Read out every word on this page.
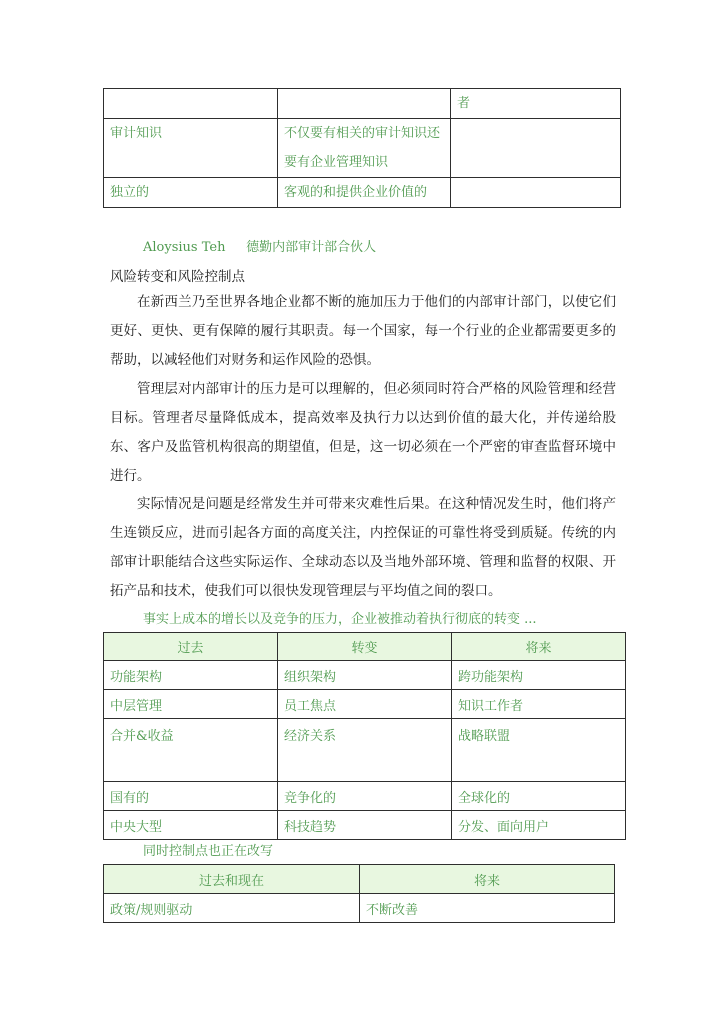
		者
审计知识	不仅要有相关的审计知识还要有企业管理知识	
独立的	客观的和提供企业价值的	
Aloysius Teh     德勤内部审计部合伙人
风险转变和风险控制点

在新西兰乃至世界各地企业都不断的施加压力于他们的内部审计部门，以使它们更好、更快、更有保障的履行其职责。每一个国家，每一个行业的企业都需要更多的帮助，以减轻他们对财务和运作风险的恐惧。

管理层对内部审计的压力是可以理解的，但必须同时符合严格的风险管理和经营目标。管理者尽量降低成本，提高效率及执行力以达到价值的最大化，并传递给股东、客户及监管机构很高的期望值，但是，这一切必须在一个严密的审查监督环境中进行。

实际情况是问题是经常发生并可带来灾难性后果。在这种情况发生时，他们将产生连锁反应，进而引起各方面的高度关注，内控保证的可靠性将受到质疑。传统的内部审计职能结合这些实际运作、全球动态以及当地外部环境、管理和监督的权限、开拓产品和技术，使我们可以很快发现管理层与平均值之间的裂口。

事实上成本的增长以及竞争的压力，企业被推动着执行彻底的转变 ...
过去	转变	将来
功能架构	组织架构	跨功能架构
中层管理	员工焦点	知识工作者
合并&收益	经济关系	战略联盟
国有的	竞争化的	全球化的
中央大型	科技趋势	分发、面向用户
同时控制点也正在改写
过去和现在	将来
政策/规则驱动	不断改善
